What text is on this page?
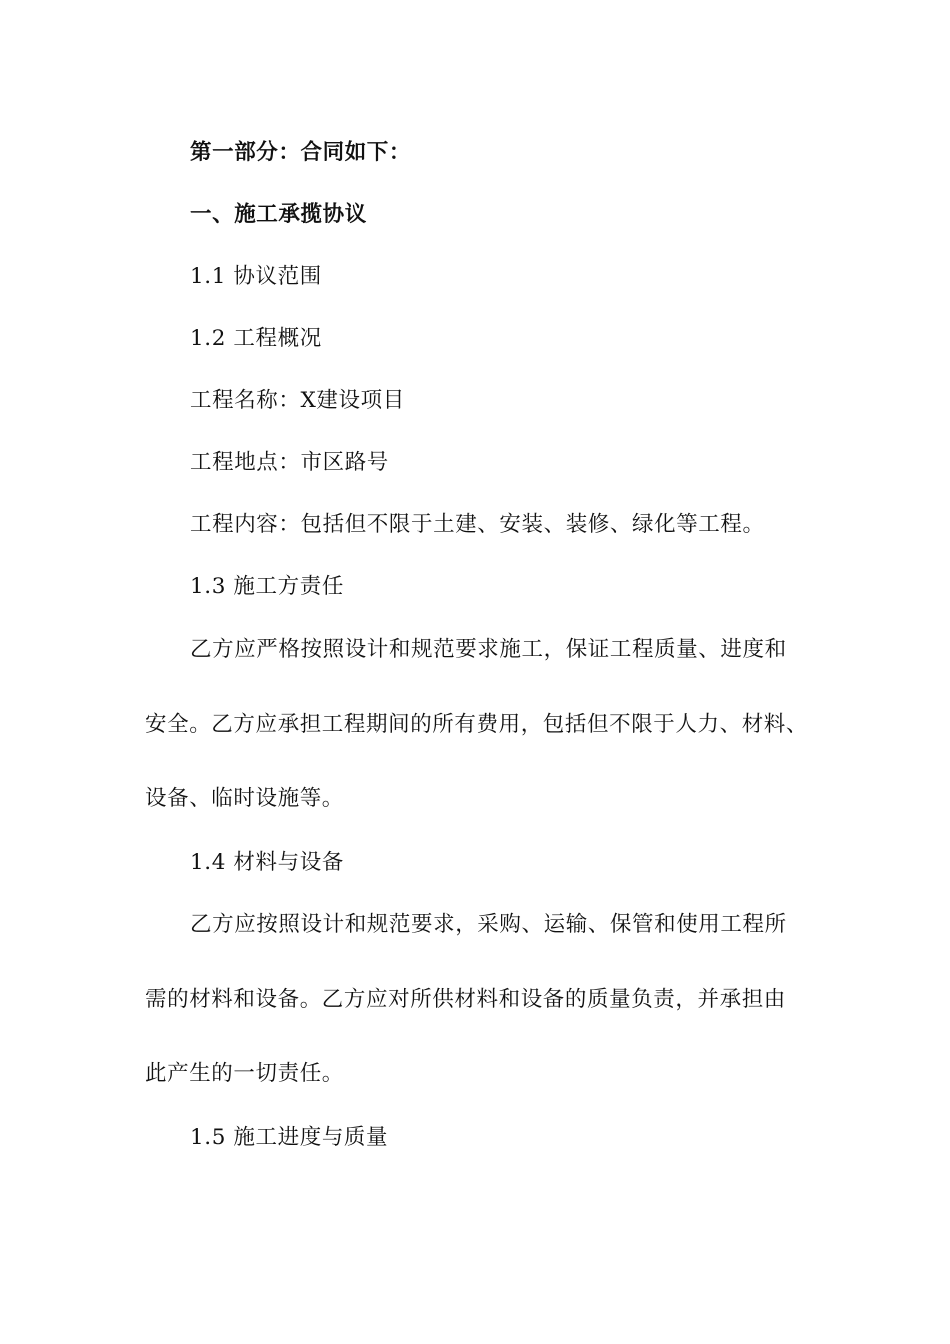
第一部分：合同如下：
一、施工承揽协议
1.1 协议范围
1.2 工程概况
工程名称：X建设项目
工程地点：市区路号
工程内容：包括但不限于土建、安装、装修、绿化等工程。
1.3 施工方责任
乙方应严格按照设计和规范要求施工，保证工程质量、进度和
安全。乙方应承担工程期间的所有费用，包括但不限于人力、材料、
设备、临时设施等。
1.4 材料与设备
乙方应按照设计和规范要求，采购、运输、保管和使用工程所
需的材料和设备。乙方应对所供材料和设备的质量负责，并承担由
此产生的一切责任。
1.5 施工进度与质量
